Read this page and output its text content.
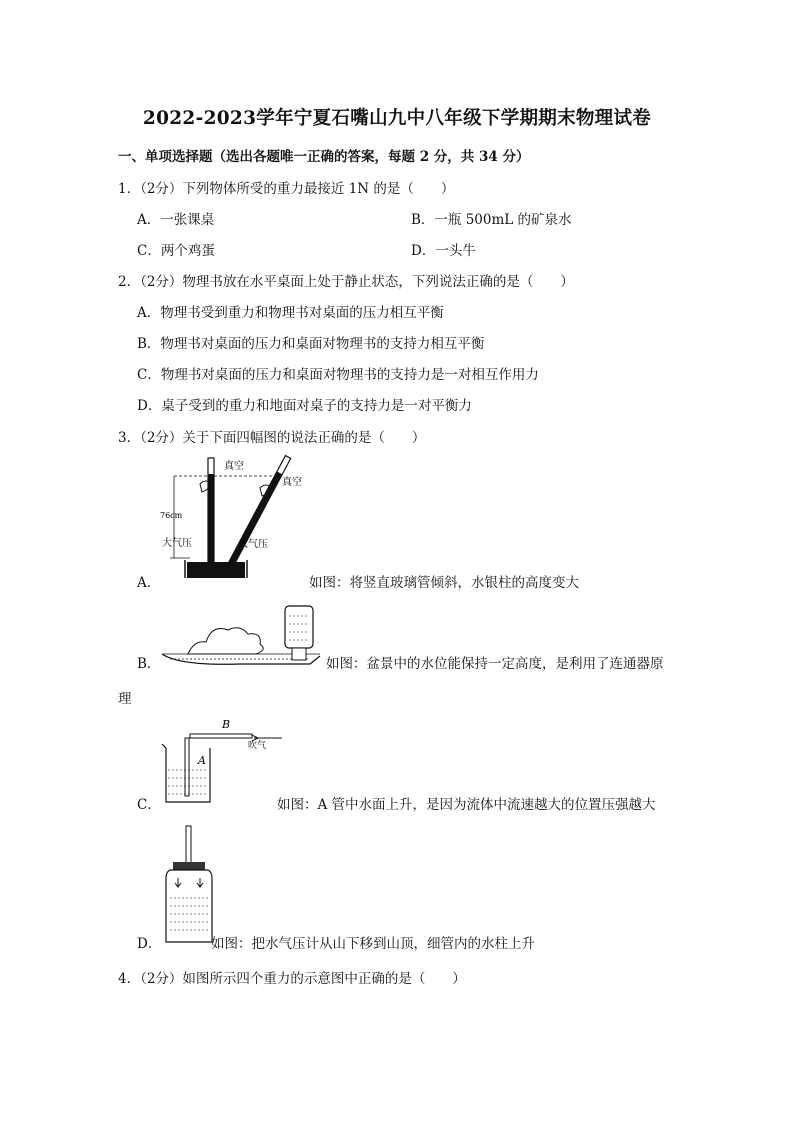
2022-2023学年宁夏石嘴山九中八年级下学期期末物理试卷
一、单项选择题（选出各题唯一正确的答案，每题 2 分，共 34 分）
1．（2分）下列物体所受的重力最接近 1N 的是（　　）
A．一张课桌	B．一瓶 500mL 的矿泉水
C．两个鸡蛋	D．一头牛
2．（2分）物理书放在水平桌面上处于静止状态，下列说法正确的是（　　）
A．物理书受到重力和物理书对桌面的压力相互平衡
B．物理书对桌面的压力和桌面对物理书的支持力相互平衡
C．物理书对桌面的压力和桌面对物理书的支持力是一对相互作用力
D．桌子受到的重力和地面对桌子的支持力是一对平衡力
3．（2分）关于下面四幅图的说法正确的是（　　）
真空
真空
76cm
大气压	大气压
A．	如图：将竖直玻璃管倾斜，水银柱的高度变大
B．	如图：盆景中的水位能保持一定高度，是利用了连通器原
理
B
吹气
A
C．	如图：A 管中水面上升，是因为流体中流速越大的位置压强越大
D．	如图：把水气压计从山下移到山顶，细管内的水柱上升
4．（2分）如图所示四个重力的示意图中正确的是（　　）
